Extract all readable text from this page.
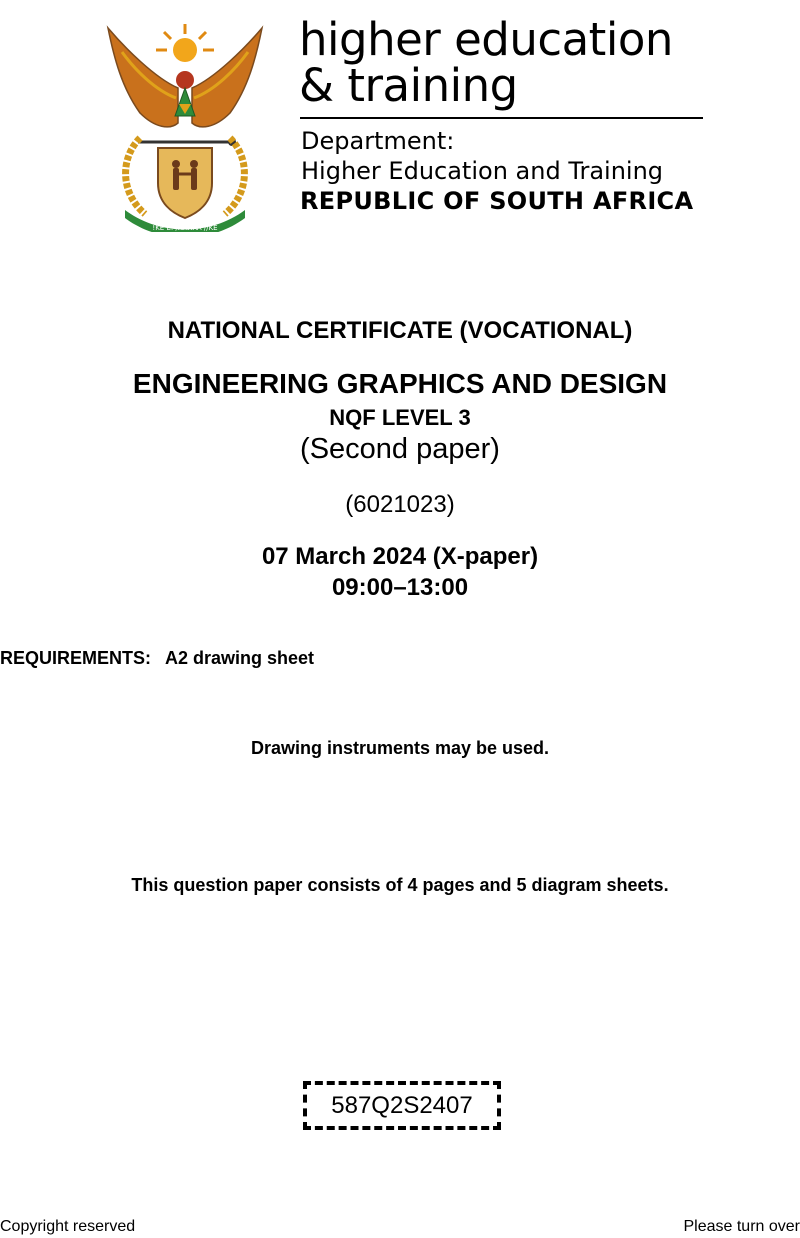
!KE E: /XARRA //KE
higher education
& training
Department:
Higher Education and Training
REPUBLIC OF SOUTH AFRICA
NATIONAL CERTIFICATE (VOCATIONAL)
ENGINEERING GRAPHICS AND DESIGN
NQF LEVEL 3
(Second paper)
(6021023)
07 March 2024 (X-paper)
09:00–13:00
REQUIREMENTS: A2 drawing sheet
Drawing instruments may be used.
This question paper consists of 4 pages and 5 diagram sheets.
587Q2S2407
Copyright reserved	Please turn over
